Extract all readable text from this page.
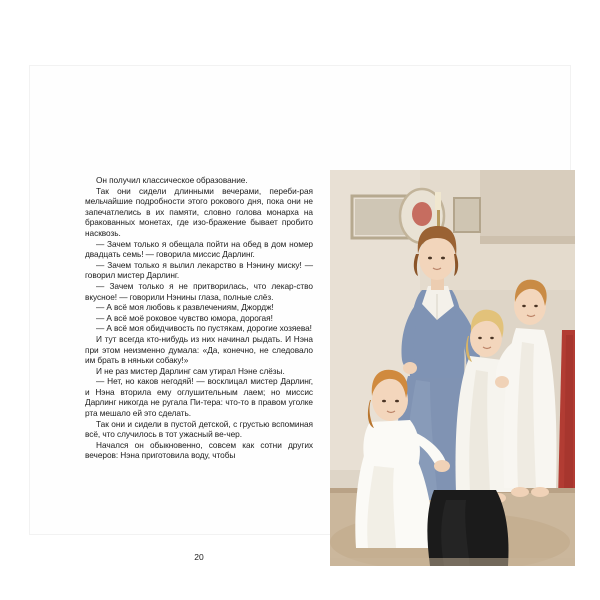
Он получил классическое образование.

Так они сидели длинными вечерами, переби-рая мельчайшие подробности этого рокового дня, пока они не запечатлелись в их памяти, словно голова монарха на бракованных монетах, где изо-бражение бывает пробито насквозь.

— Зачем только я обещала пойти на обед в дом номер двадцать семь! — говорила миссис Дарлинг.

— Зачем только я вылил лекарство в Нэнину миску! — говорил мистер Дарлинг.

— Зачем только я не притворилась, что лекар-ство вкусное! — говорили Нэнины глаза, полные слёз.

— А всё моя любовь к развлечениям, Джордж!

— А всё моё роковое чувство юмора, дорогая!

— А всё моя обидчивость по пустякам, дорогие хозяева!

И тут всегда кто-нибудь из них начинал рыдать. И Нэна при этом неизменно думала: «Да, конечно, не следовало им брать в няньки собаку!»

И не раз мистер Дарлинг сам утирал Нэне слёзы.

— Нет, но каков негодяй! — восклицал мистер Дарлинг, и Нэна вторила ему оглушительным лаем; но миссис Дарлинг никогда не ругала Пи-тера: что-то в правом уголке рта мешало ей это сделать.

Так они и сидели в пустой детской, с грустью вспоминая всё, что случилось в тот ужасный ве-чер.

Начался он обыкновенно, совсем как сотни других вечеров: Нэна приготовила воду, чтобы

20
